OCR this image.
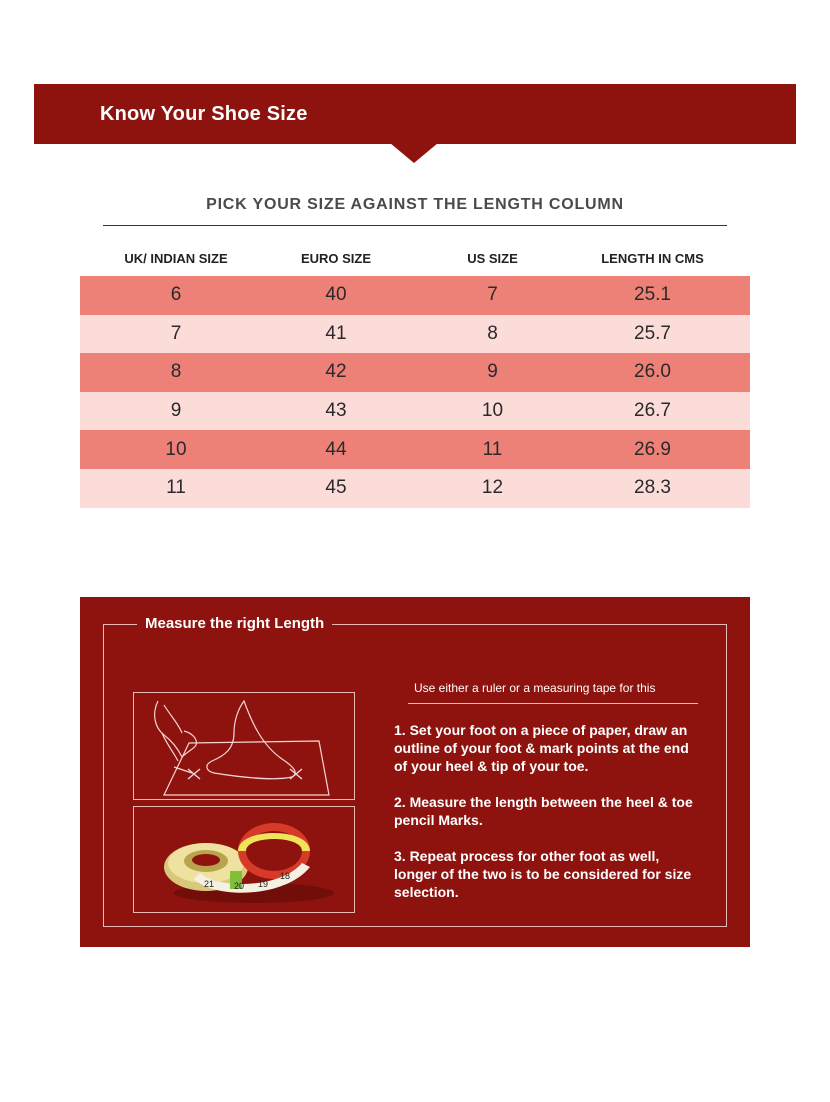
Know Your Shoe Size
PICK YOUR SIZE AGAINST THE LENGTH COLUMN
UK/ INDIAN SIZE	EURO SIZE	US SIZE	LENGTH IN CMS
6	40	7	25.1
7	41	8	25.7
8	42	9	26.0
9	43	10	26.7
10	44	11	26.9
11	45	12	28.3
Measure the right Length
21 20 19
18
Use either a ruler or a measuring tape for this
1. Set your foot on a piece of paper, draw an outline of your foot & mark points at the end of your heel & tip of your toe.
2. Measure the length between the heel & toe pencil Marks.
3. Repeat process for other foot as well, longer of the two is to be considered for size selection.
